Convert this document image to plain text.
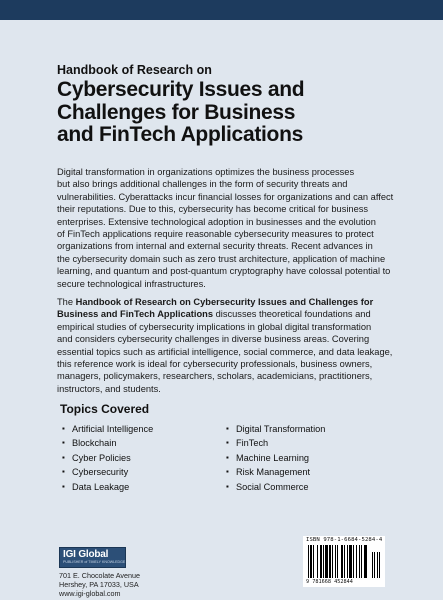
Handbook of Research on

Cybersecurity Issues and
Challenges for Business
and FinTech Applications
Digital transformation in organizations optimizes the business processes
but also brings additional challenges in the form of security threats and
vulnerabilities. Cyberattacks incur financial losses for organizations and can affect
their reputations. Due to this, cybersecurity has become critical for business
enterprises. Extensive technological adoption in businesses and the evolution
of FinTech applications require reasonable cybersecurity measures to protect
organizations from internal and external security threats. Recent advances in
the cybersecurity domain such as zero trust architecture, application of machine
learning, and quantum and post-quantum cryptography have colossal potential to
secure technological infrastructures.
The Handbook of Research on Cybersecurity Issues and Challenges for
Business and FinTech Applications discusses theoretical foundations and
empirical studies of cybersecurity implications in global digital transformation
and considers cybersecurity challenges in diverse business areas. Covering
essential topics such as artificial intelligence, social commerce, and data leakage,
this reference work is ideal for cybersecurity professionals, business owners,
managers, policymakers, researchers, scholars, academicians, practitioners,
instructors, and students.
Topics Covered
▪ Artificial Intelligence
▪ Blockchain
▪ Cyber Policies
▪ Cybersecurity
▪ Data Leakage
▪ Digital Transformation
▪ FinTech
▪ Machine Learning
▪ Risk Management
▪ Social Commerce
IGI Global
PUBLISHER of TIMELY KNOWLEDGE
701 E. Chocolate Avenue
Hershey, PA 17033, USA
www.igi-global.com
ISBN 978-1-6684-5284-4
9 781668 452844
